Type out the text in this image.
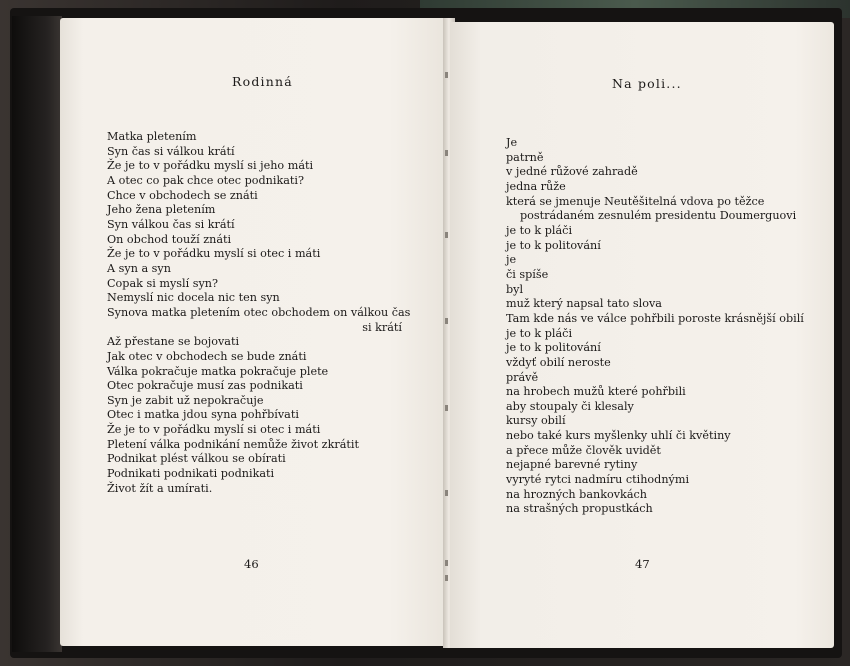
Rodinná
Matka pletením
Syn čas si válkou krátí
Že je to v pořádku myslí si jeho máti
A otec co pak chce otec podnikati?
Chce v obchodech se znáti
Jeho žena pletením
Syn válkou čas si krátí
On obchod touží znáti
Že je to v pořádku myslí si otec i máti
A syn a syn
Copak si myslí syn?
Nemyslí nic docela nic ten syn
Synova matka pletením otec obchodem on válkou čas
si krátí
Až přestane se bojovati
Jak otec v obchodech se bude znáti
Válka pokračuje matka pokračuje plete
Otec pokračuje musí zas podnikati
Syn je zabit už nepokračuje
Otec i matka jdou syna pohřbívati
Že je to v pořádku myslí si otec i máti
Pletení válka podnikání nemůže život zkrátit
Podnikat plést válkou se obírati
Podnikati podnikati podnikati
Život žít a umírati.
46
Na poli...
Je
patrně
v jedné růžové zahradě
jedna růže
která se jmenuje Neutěšitelná vdova po těžce
postrádaném zesnulém presidentu Doumerguovi
je to k pláči
je to k politování
je
či spíše
byl
muž který napsal tato slova
Tam kde nás ve válce pohřbili poroste krásnější obilí
je to k pláči
je to k politování
vždyť obilí neroste
právě
na hrobech mužů které pohřbili
aby stoupaly či klesaly
kursy obilí
nebo také kurs myšlenky uhlí či květiny
a přece může člověk uvidět
nejapné barevné rytiny
vyryté rytci nadmíru ctihodnými
na hrozných bankovkách
na strašných propustkách
47
